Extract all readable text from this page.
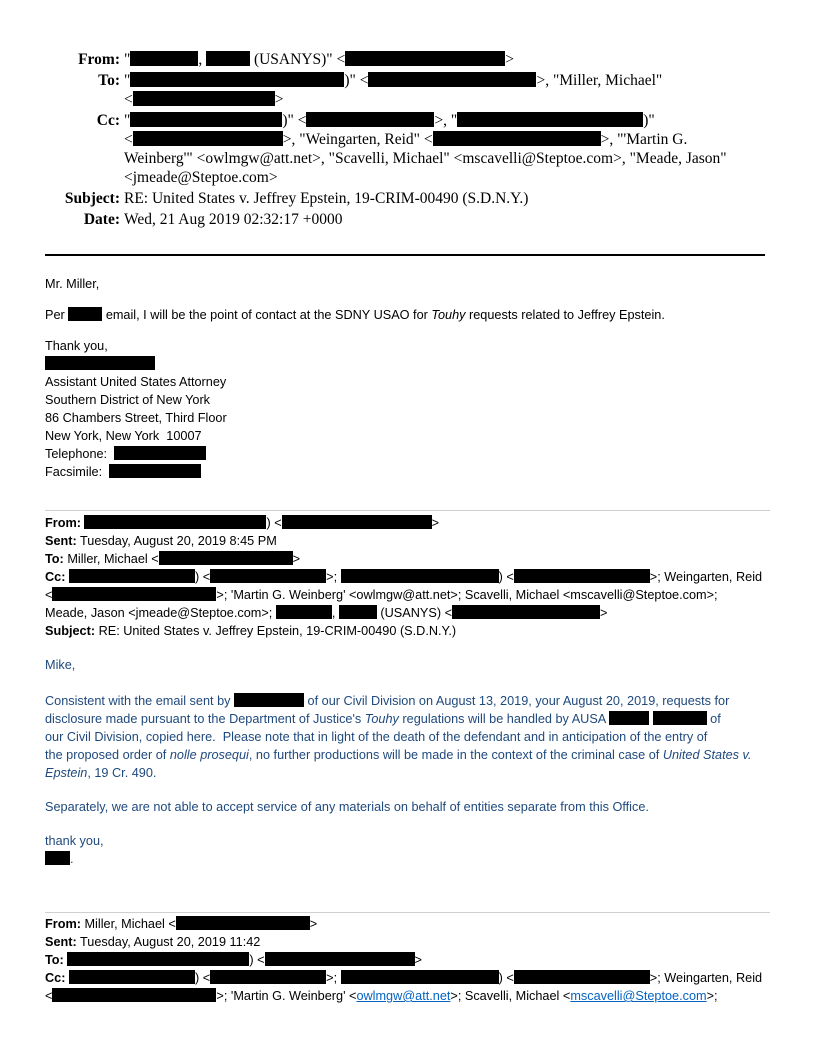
From: "	,	(USANYS)" <	>
To: "	)" <	>, "Miller, Michael"
<	>
Cc: "	)" <	>, "	)"
<	>, "Weingarten, Reid" <	>, "'Martin G.
Weinberg'" <owlmgw@att.net>, "Scavelli, Michael" <mscavelli@Steptoe.com>, "Meade, Jason"
<jmeade@Steptoe.com>
Subject: RE: United States v. Jeffrey Epstein, 19-CRIM-00490 (S.D.N.Y.)
Date: Wed, 21 Aug 2019 02:32:17 +0000

Mr. Miller,

Per	email, I will be the point of contact at the SDNY USAO for Touhy requests related to Jeffrey Epstein.

Thank you,

Assistant United States Attorney

Southern District of New York

86 Chambers Street, Third Floor

New York, New York  10007

Telephone:

Facsimile:

From:	) <	>

Sent: Tuesday, August 20, 2019 8:45 PM

To: Miller, Michael <	>

Cc:	) <	>;	) <	>; Weingarten, Reid
<	>; 'Martin G. Weinberg' <owlmgw@att.net>; Scavelli, Michael <mscavelli@Steptoe.com>;
Meade, Jason <jmeade@Steptoe.com>;	,	(USANYS) <	>

Subject: RE: United States v. Jeffrey Epstein, 19-CRIM-00490 (S.D.N.Y.)

Mike,

Consistent with the email sent by	of our Civil Division on August 13, 2019, your August 20, 2019, requests for
disclosure made pursuant to the Department of Justice's Touhy regulations will be handled by AUSA	of
our Civil Division, copied here.  Please note that in light of the death of the defendant and in anticipation of the entry of
the proposed order of nolle prosequi, no further productions will be made in the context of the criminal case of United States v. Epstein, 19 Cr. 490.

Separately, we are not able to accept service of any materials on behalf of entities separate from this Office.

thank you,

.

From: Miller, Michael <	>

Sent: Tuesday, August 20, 2019 11:42

To:	) <	>

Cc:	) <	>;	) <	>; Weingarten, Reid
<	>; 'Martin G. Weinberg' <owlmgw@att.net>; Scavelli, Michael <mscavelli@Steptoe.com>;
